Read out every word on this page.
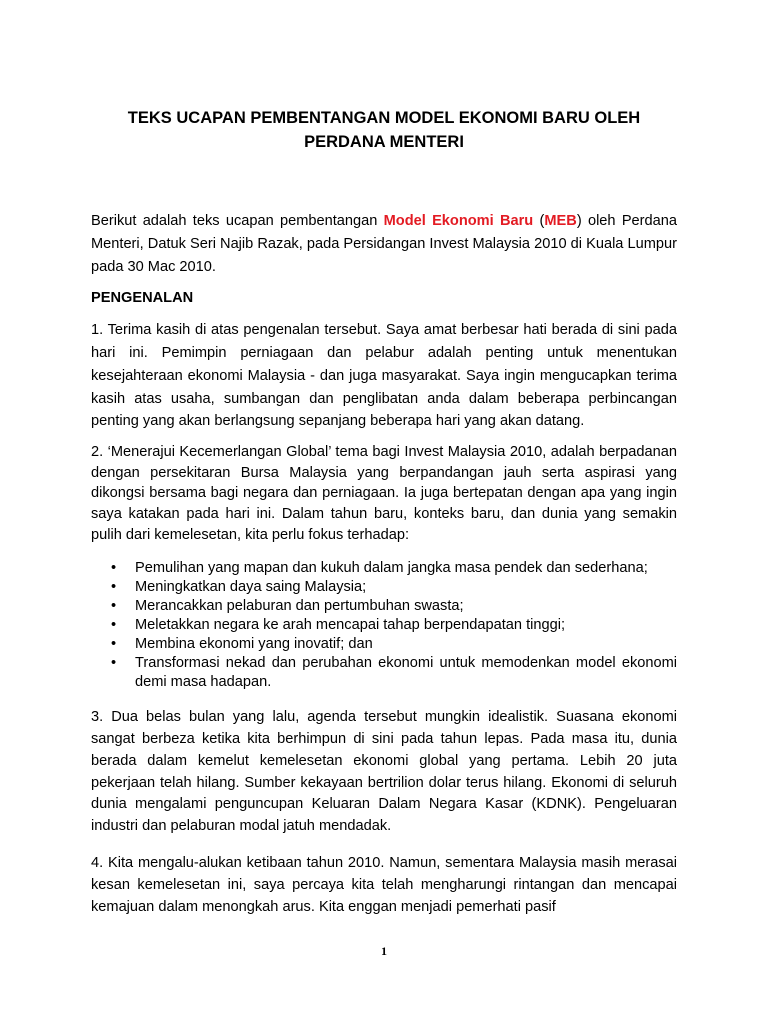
TEKS UCAPAN PEMBENTANGAN MODEL EKONOMI BARU OLEH
PERDANA MENTERI

Berikut adalah teks ucapan pembentangan Model Ekonomi Baru (MEB) oleh Perdana Menteri, Datuk Seri Najib Razak, pada Persidangan Invest Malaysia 2010 di Kuala Lumpur pada 30 Mac 2010.

PENGENALAN

1. Terima kasih di atas pengenalan tersebut. Saya amat berbesar hati berada di sini pada hari ini. Pemimpin perniagaan dan pelabur adalah penting untuk menentukan kesejahteraan ekonomi Malaysia - dan juga masyarakat. Saya ingin mengucapkan terima kasih atas usaha, sumbangan dan penglibatan anda dalam beberapa perbincangan penting yang akan berlangsung sepanjang beberapa hari yang akan datang.

2. ‘Menerajui Kecemerlangan Global’ tema bagi Invest Malaysia 2010, adalah berpadanan dengan persekitaran Bursa Malaysia yang berpandangan jauh serta aspirasi yang dikongsi bersama bagi negara dan perniagaan. Ia juga bertepatan dengan apa yang ingin saya katakan pada hari ini. Dalam tahun baru, konteks baru, dan dunia yang semakin pulih dari kemelesetan, kita perlu fokus terhadap:

• Pemulihan yang mapan dan kukuh dalam jangka masa pendek dan sederhana;
• Meningkatkan daya saing Malaysia;
• Merancakkan pelaburan dan pertumbuhan swasta;
• Meletakkan negara ke arah mencapai tahap berpendapatan tinggi;
• Membina ekonomi yang inovatif; dan
• Transformasi nekad dan perubahan ekonomi untuk memodenkan model ekonomi demi masa hadapan.

3. Dua belas bulan yang lalu, agenda tersebut mungkin idealistik. Suasana ekonomi sangat berbeza ketika kita berhimpun di sini pada tahun lepas. Pada masa itu, dunia berada dalam kemelut kemelesetan ekonomi global yang pertama. Lebih 20 juta pekerjaan telah hilang. Sumber kekayaan bertrilion dolar terus hilang. Ekonomi di seluruh dunia mengalami penguncupan Keluaran Dalam Negara Kasar (KDNK). Pengeluaran industri dan pelaburan modal jatuh mendadak.

4. Kita mengalu-alukan ketibaan tahun 2010. Namun, sementara Malaysia masih merasai kesan kemelesetan ini, saya percaya kita telah mengharungi rintangan dan mencapai kemajuan dalam menongkah arus. Kita enggan menjadi pemerhati pasif

1
